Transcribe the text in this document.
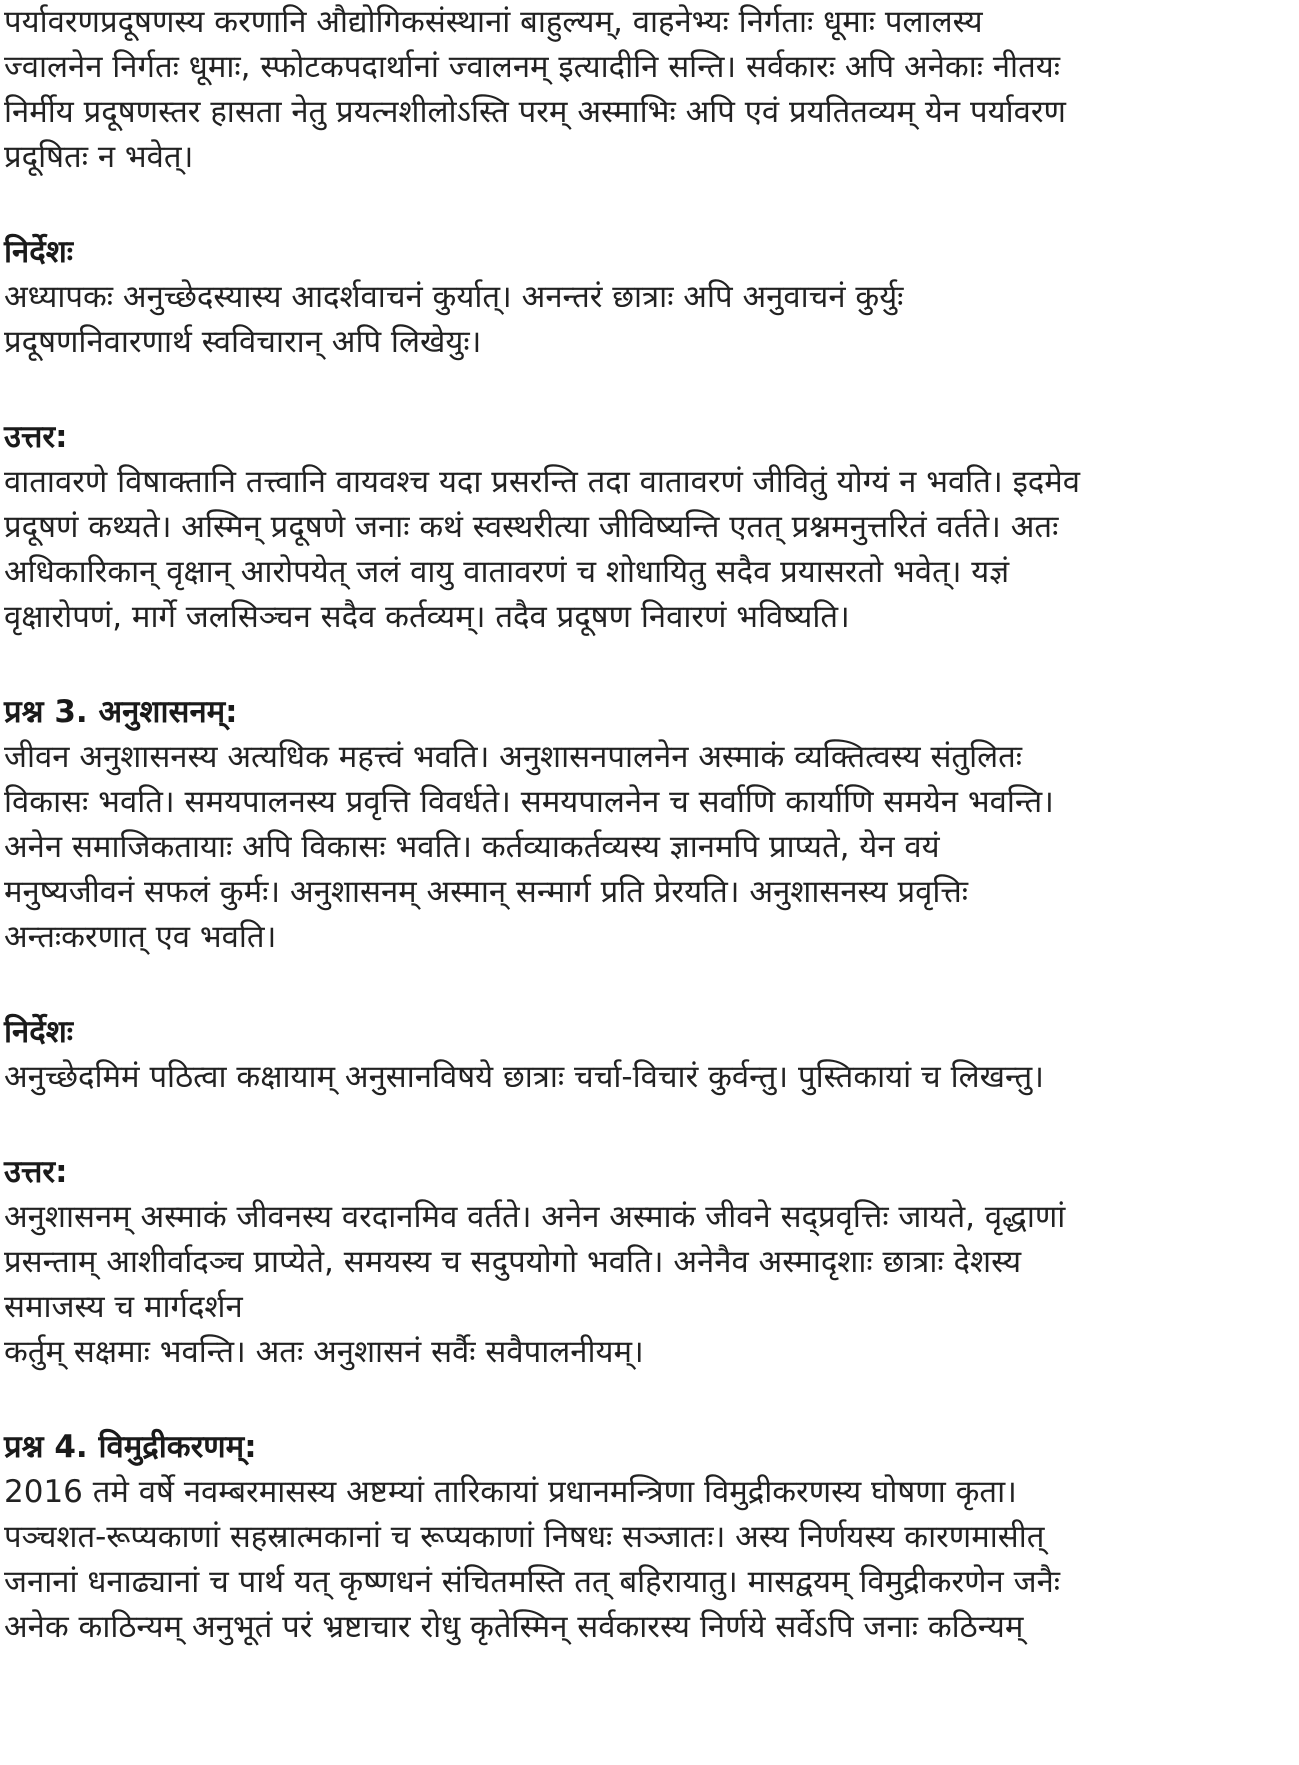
पर्यावरणप्रदूषणस्य करणानि औद्योगिकसंस्थानां बाहुल्यम्, वाहनेभ्यः निर्गताः धूमाः पलालस्य
ज्वालनेन निर्गतः धूमाः, स्फोटकपदार्थानां ज्वालनम् इत्यादीनि सन्ति। सर्वकारः अपि अनेकाः नीतयः
निर्मीय प्रदूषणस्तर हासता नेतु प्रयत्नशीलोऽस्ति परम् अस्माभिः अपि एवं प्रयतितव्यम् येन पर्यावरण
प्रदूषितः न भवेत्।

निर्देशः

अध्यापकः अनुच्छेदस्यास्य आदर्शवाचनं कुर्यात्। अनन्तरं छात्राः अपि अनुवाचनं कुर्युः
प्रदूषणनिवारणार्थ स्वविचारान् अपि लिखेयुः।

उत्तर:

वातावरणे विषाक्तानि तत्त्वानि वायवश्च यदा प्रसरन्ति तदा वातावरणं जीवितुं योग्यं न भवति। इदमेव
प्रदूषणं कथ्यते। अस्मिन् प्रदूषणे जनाः कथं स्वस्थरीत्या जीविष्यन्ति एतत् प्रश्नमनुत्तरितं वर्तते। अतः
अधिकारिकान् वृक्षान् आरोपयेत् जलं वायु वातावरणं च शोधायितु सदैव प्रयासरतो भवेत्। यज्ञं
वृक्षारोपणं, मार्गे जलसिञ्चन सदैव कर्तव्यम्। तदैव प्रदूषण निवारणं भविष्यति।

प्रश्न 3. अनुशासनम्:

जीवन अनुशासनस्य अत्यधिक महत्त्वं भवति। अनुशासनपालनेन अस्माकं व्यक्तित्वस्य संतुलितः
विकासः भवति। समयपालनस्य प्रवृत्ति विवर्धते। समयपालनेन च सर्वाणि कार्याणि समयेन भवन्ति।
अनेन समाजिकतायाः अपि विकासः भवति। कर्तव्याकर्तव्यस्य ज्ञानमपि प्राप्यते, येन वयं
मनुष्यजीवनं सफलं कुर्मः। अनुशासनम् अस्मान् सन्मार्ग प्रति प्रेरयति। अनुशासनस्य प्रवृत्तिः
अन्तःकरणात् एव भवति।

निर्देशः

अनुच्छेदमिमं पठित्वा कक्षायाम् अनुसानविषये छात्राः चर्चा-विचारं कुर्वन्तु। पुस्तिकायां च लिखन्तु।

उत्तर:

अनुशासनम् अस्माकं जीवनस्य वरदानमिव वर्तते। अनेन अस्माकं जीवने सद्प्रवृत्तिः जायते, वृद्धाणां
प्रसन्ताम् आशीर्वादञ्च प्राप्येते, समयस्य च सदुपयोगो भवति। अनेनैव अस्मादृशाः छात्राः देशस्य
समाजस्य च मार्गदर्शन
कर्तुम् सक्षमाः भवन्ति। अतः अनुशासनं सर्वैः सवैपालनीयम्।

प्रश्न 4. विमुद्रीकरणम्:

2016 तमे वर्षे नवम्बरमासस्य अष्टम्यां तारिकायां प्रधानमन्त्रिणा विमुद्रीकरणस्य घोषणा कृता।
पञ्चशत-रूप्यकाणां सहस्रात्मकानां च रूप्यकाणां निषधः सञ्जातः। अस्य निर्णयस्य कारणमासीत्
जनानां धनाढ्यानां च पार्थ यत् कृष्णधनं संचितमस्ति तत् बहिरायातु। मासद्वयम् विमुद्रीकरणेन जनैः
अनेक काठिन्यम् अनुभूतं परं भ्रष्टाचार रोधु कृतेस्मिन् सर्वकारस्य निर्णये सर्वेऽपि जनाः कठिन्यम्
